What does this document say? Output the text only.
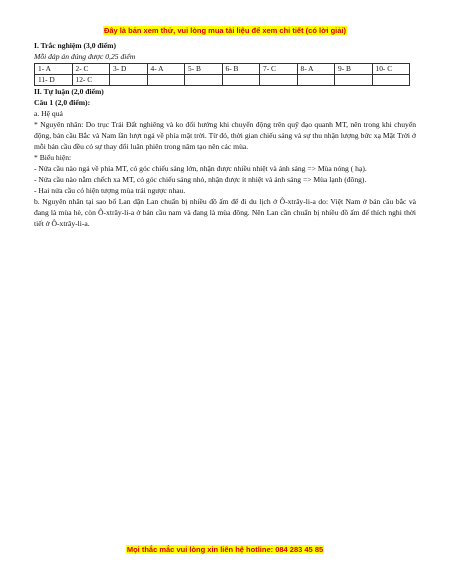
Đây là bản xem thử, vui lòng mua tài liệu để xem chi tiết (có lời giải)

I. Trắc nghiệm (3,0 điểm)

Mỗi đáp án đúng được 0,25 điểm

1- A	2- C	3- D	4- A	5- B	6- B	7- C	8- A	9- B	10- C
11- D	12- C								

II. Tự luận (2,0 điểm)

Câu 1 (2,0 điểm):

a. Hệ quả

* Nguyên nhân: Do trục Trái Đất nghiêng và ko đổi hướng khi chuyển động trên quỹ đạo quanh MT, nên trong khi chuyển động, bán cầu Bắc và Nam lần lượt ngả về phía mặt trời. Từ đó, thời gian chiếu sáng và sự thu nhận lượng bức xạ Mặt Trời ở mỗi bán cầu đều có sự thay đổi luân phiên trong năm tạo nên các mùa.

* Biểu hiện:

- Nửa cầu nào ngả về phía MT, có góc chiếu sáng lớn, nhận được nhiều nhiệt và ánh sáng => Mùa nóng ( hạ).

- Nửa cầu nào nằm chếch xa MT, có góc chiếu sáng nhỏ, nhận được ít nhiệt và ánh sáng => Mùa lạnh (đông).

- Hai nửa cầu có hiện tượng mùa trái ngược nhau.

b. Nguyên nhân tại sao bố Lan dặn Lan chuẩn bị nhiều đồ ấm để đi du lịch ở Ô-xtrây-li-a do: Việt Nam ở bán cầu bắc và đang là mùa hè, còn Ô-xtrây-li-a ở bán cầu nam và đang là mùa đông. Nên Lan cần chuẩn bị nhiều đồ ấm để thích nghi thời tiết ở Ô-xtrây-li-a.

Mọi thắc mắc vui lòng xin liên hệ hotline: 084 283 45 85
